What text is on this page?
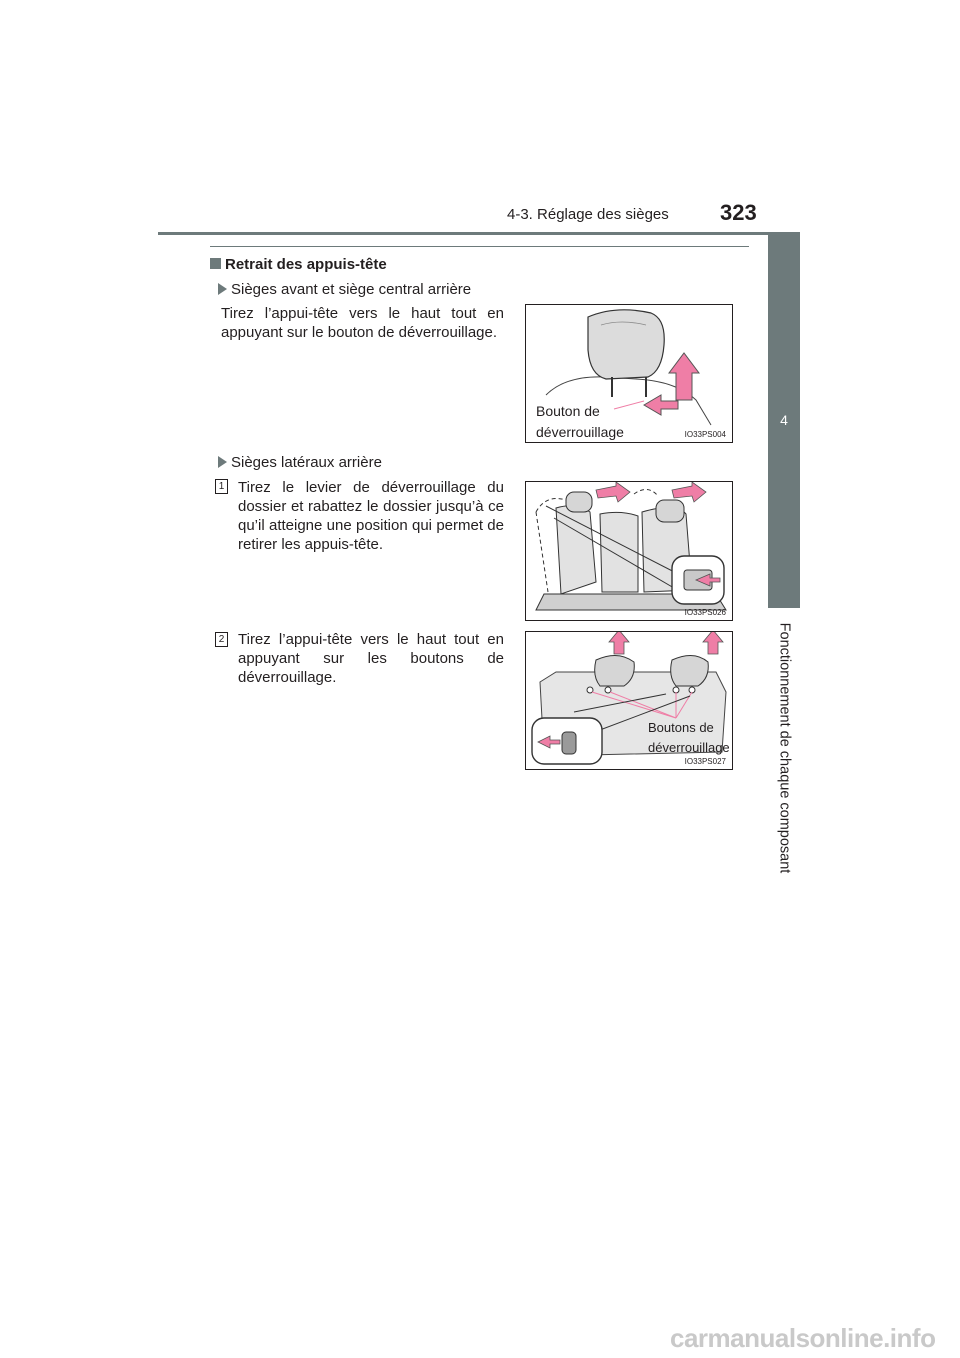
4-3. Réglage des sièges 323
4
Fonctionnement de chaque composant
Retrait des appuis-tête
Sièges avant et siège central arrière
Tirez l’appui-tête vers le haut tout en appuyant sur le bouton de déverrouillage.
Bouton de
déverrouillage	IO33PS004
Sièges latéraux arrière
1 Tirez le levier de déverrouillage du dossier et rabattez le dossier jusqu’à ce qu’il atteigne une position qui permet de retirer les appuis-tête.
IO33PS026
2 Tirez l’appui-tête vers le haut tout en appuyant sur les boutons de déverrouillage.
Boutons de
déverrouillage
IO33PS027
carmanualsonline.info
